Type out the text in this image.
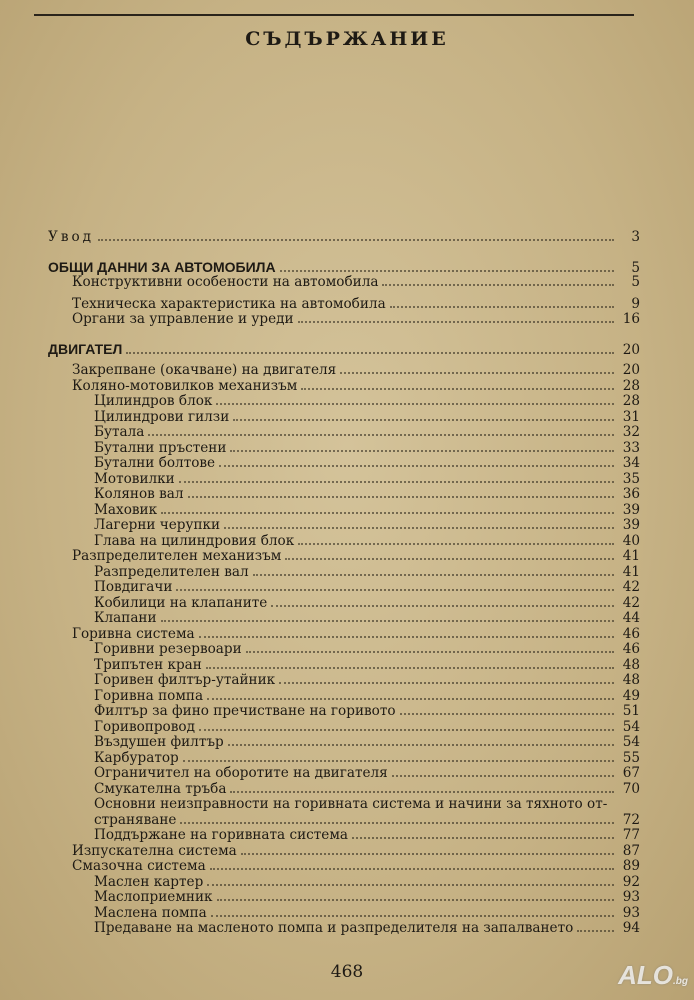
СЪДЪРЖАНИЕ
Увод	3
ОБЩИ ДАННИ ЗА АВТОМОБИЛА	5
Конструктивни особености на автомобила	5
Техническа характеристика на автомобила	9
Органи за управление и уреди	16
ДВИГАТЕЛ	20
Закрепване (окачване) на двигателя	20
Коляно-мотовилков механизъм	28
Цилиндров блок	28
Цилиндрови гилзи	31
Бутала	32
Бутални пръстени	33
Бутални болтове	34
Мотовилки	35
Колянов вал	36
Маховик	39
Лагерни черупки	39
Глава на цилиндровия блок	40
Разпределителен механизъм	41
Разпределителен вал	41
Повдигачи	42
Кобилици на клапаните	42
Клапани	44
Горивна система	46
Горивни резервоари	46
Трипътен кран	48
Горивен филтър-утайник	48
Горивна помпа	49
Филтър за фино пречистване на горивото	51
Горивопровод	54
Въздушен филтър	54
Карбуратор	55
Ограничител на оборотите на двигателя	67
Смукателна тръба	70
Основни неизправности на горивната система и начини за тяхното от-
страняване	72
Поддържане на горивната система	77
Изпускателна система	87
Смазочна система	89
Маслен картер	92
Маслоприемник	93
Маслена помпа	93
Предаване на масленото помпа и разпределителя на запалването	94
468	ALO.bg
